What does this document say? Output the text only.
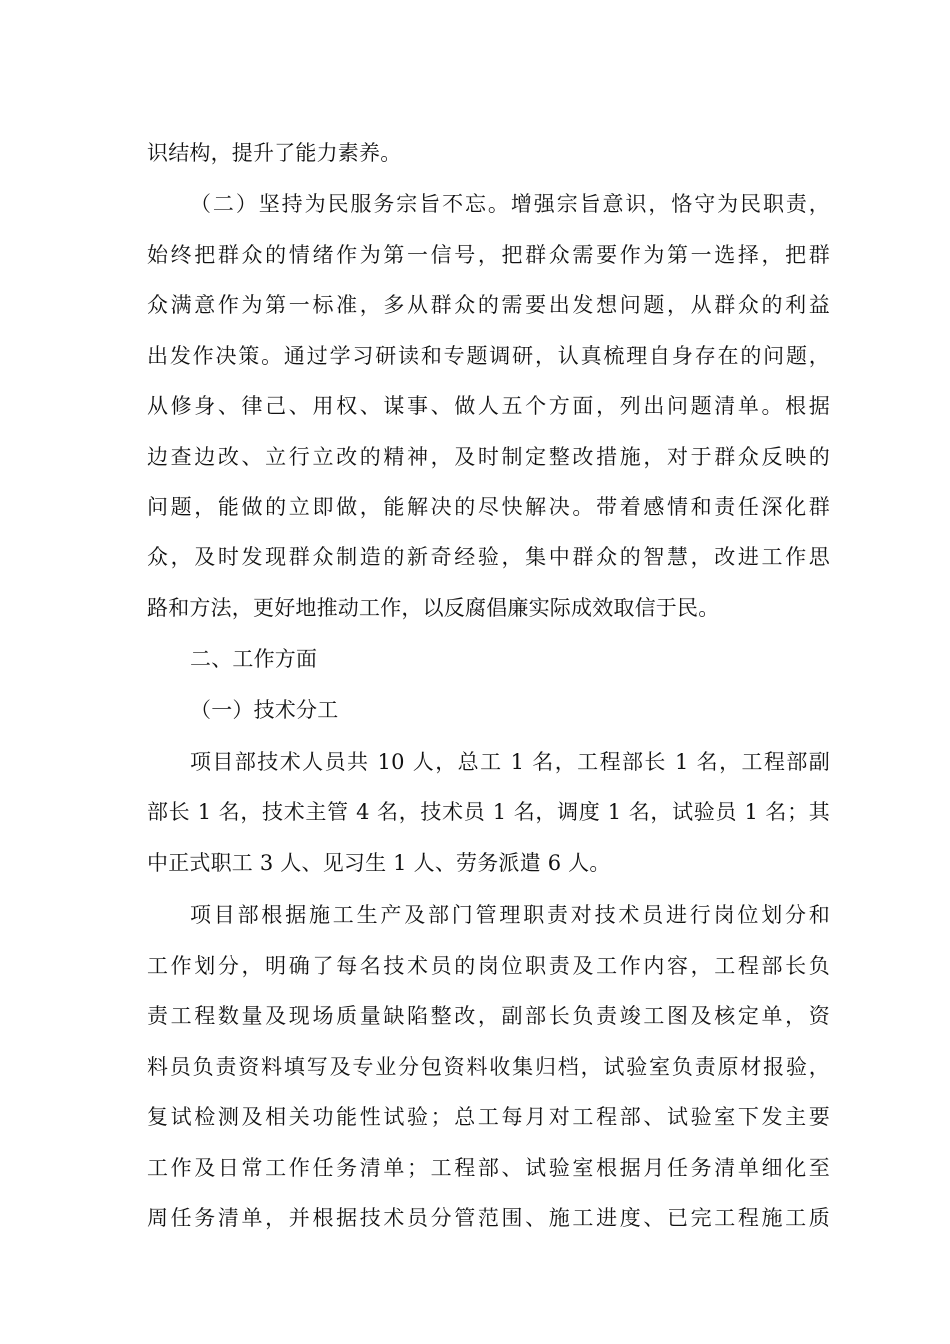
识结构，提升了能力素养。
（二）坚持为民服务宗旨不忘。增强宗旨意识，恪守为民职责，
始终把群众的情绪作为第一信号，把群众需要作为第一选择，把群
众满意作为第一标准，多从群众的需要出发想问题，从群众的利益
出发作决策。通过学习研读和专题调研，认真梳理自身存在的问题，
从修身、律己、用权、谋事、做人五个方面，列出问题清单。根据
边查边改、立行立改的精神，及时制定整改措施，对于群众反映的
问题，能做的立即做，能解决的尽快解决。带着感情和责任深化群
众，及时发现群众制造的新奇经验，集中群众的智慧，改进工作思
路和方法，更好地推动工作，以反腐倡廉实际成效取信于民。
二、工作方面
（一）技术分工
项目部技术人员共 10 人，总工 1 名，工程部长 1 名，工程部副
部长 1 名，技术主管 4 名，技术员 1 名，调度 1 名，试验员 1 名；其
中正式职工 3 人、见习生 1 人、劳务派遣 6 人。
项目部根据施工生产及部门管理职责对技术员进行岗位划分和
工作划分，明确了每名技术员的岗位职责及工作内容，工程部长负
责工程数量及现场质量缺陷整改，副部长负责竣工图及核定单，资
料员负责资料填写及专业分包资料收集归档，试验室负责原材报验，
复试检测及相关功能性试验；总工每月对工程部、试验室下发主要
工作及日常工作任务清单；工程部、试验室根据月任务清单细化至
周任务清单，并根据技术员分管范围、施工进度、已完工程施工质
